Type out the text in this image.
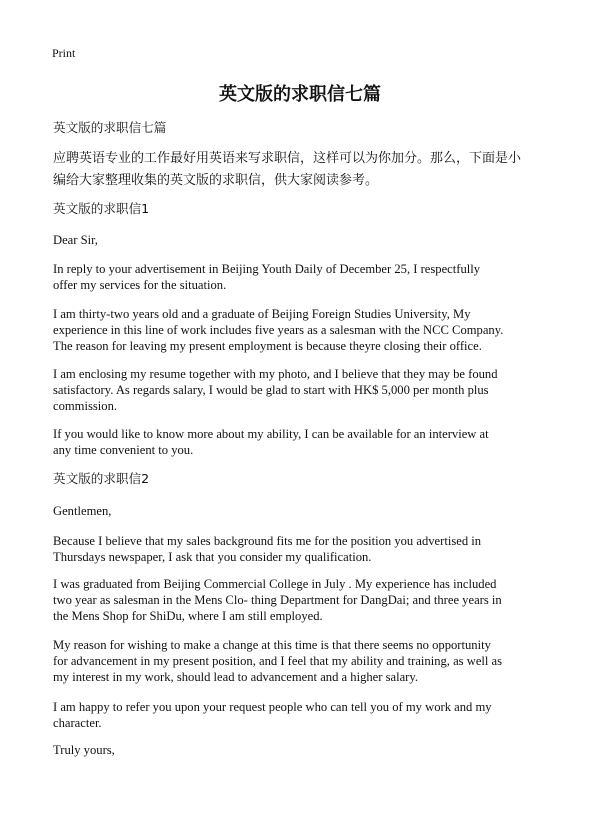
Print
英文版的求职信七篇
英文版的求职信七篇
应聘英语专业的工作最好用英语来写求职信，这样可以为你加分。那么，下面是小
编给大家整理收集的英文版的求职信，供大家阅读参考。
英文版的求职信1
Dear Sir,
In reply to your advertisement in Beijing Youth Daily of December 25, I respectfully
offer my services for the situation.
I am thirty-two years old and a graduate of Beijing Foreign Studies University, My
experience in this line of work includes five years as a salesman with the NCC Company.
The reason for leaving my present employment is because theyre closing their office.
I am enclosing my resume together with my photo, and I believe that they may be found
satisfactory. As regards salary, I would be glad to start with HK$ 5,000 per month plus
commission.
If you would like to know more about my ability, I can be available for an interview at
any time convenient to you.
英文版的求职信2
Gentlemen,
Because I believe that my sales background fits me for the position you advertised in
Thursdays newspaper, I ask that you consider my qualification.
I was graduated from Beijing Commercial College in July . My experience has included
two year as salesman in the Mens Clo- thing Department for DangDai; and three years in
the Mens Shop for ShiDu, where I am still employed.
My reason for wishing to make a change at this time is that there seems no opportunity
for advancement in my present position, and I feel that my ability and training, as well as
my interest in my work, should lead to advancement and a higher salary.
I am happy to refer you upon your request people who can tell you of my work and my
character.
Truly yours,
